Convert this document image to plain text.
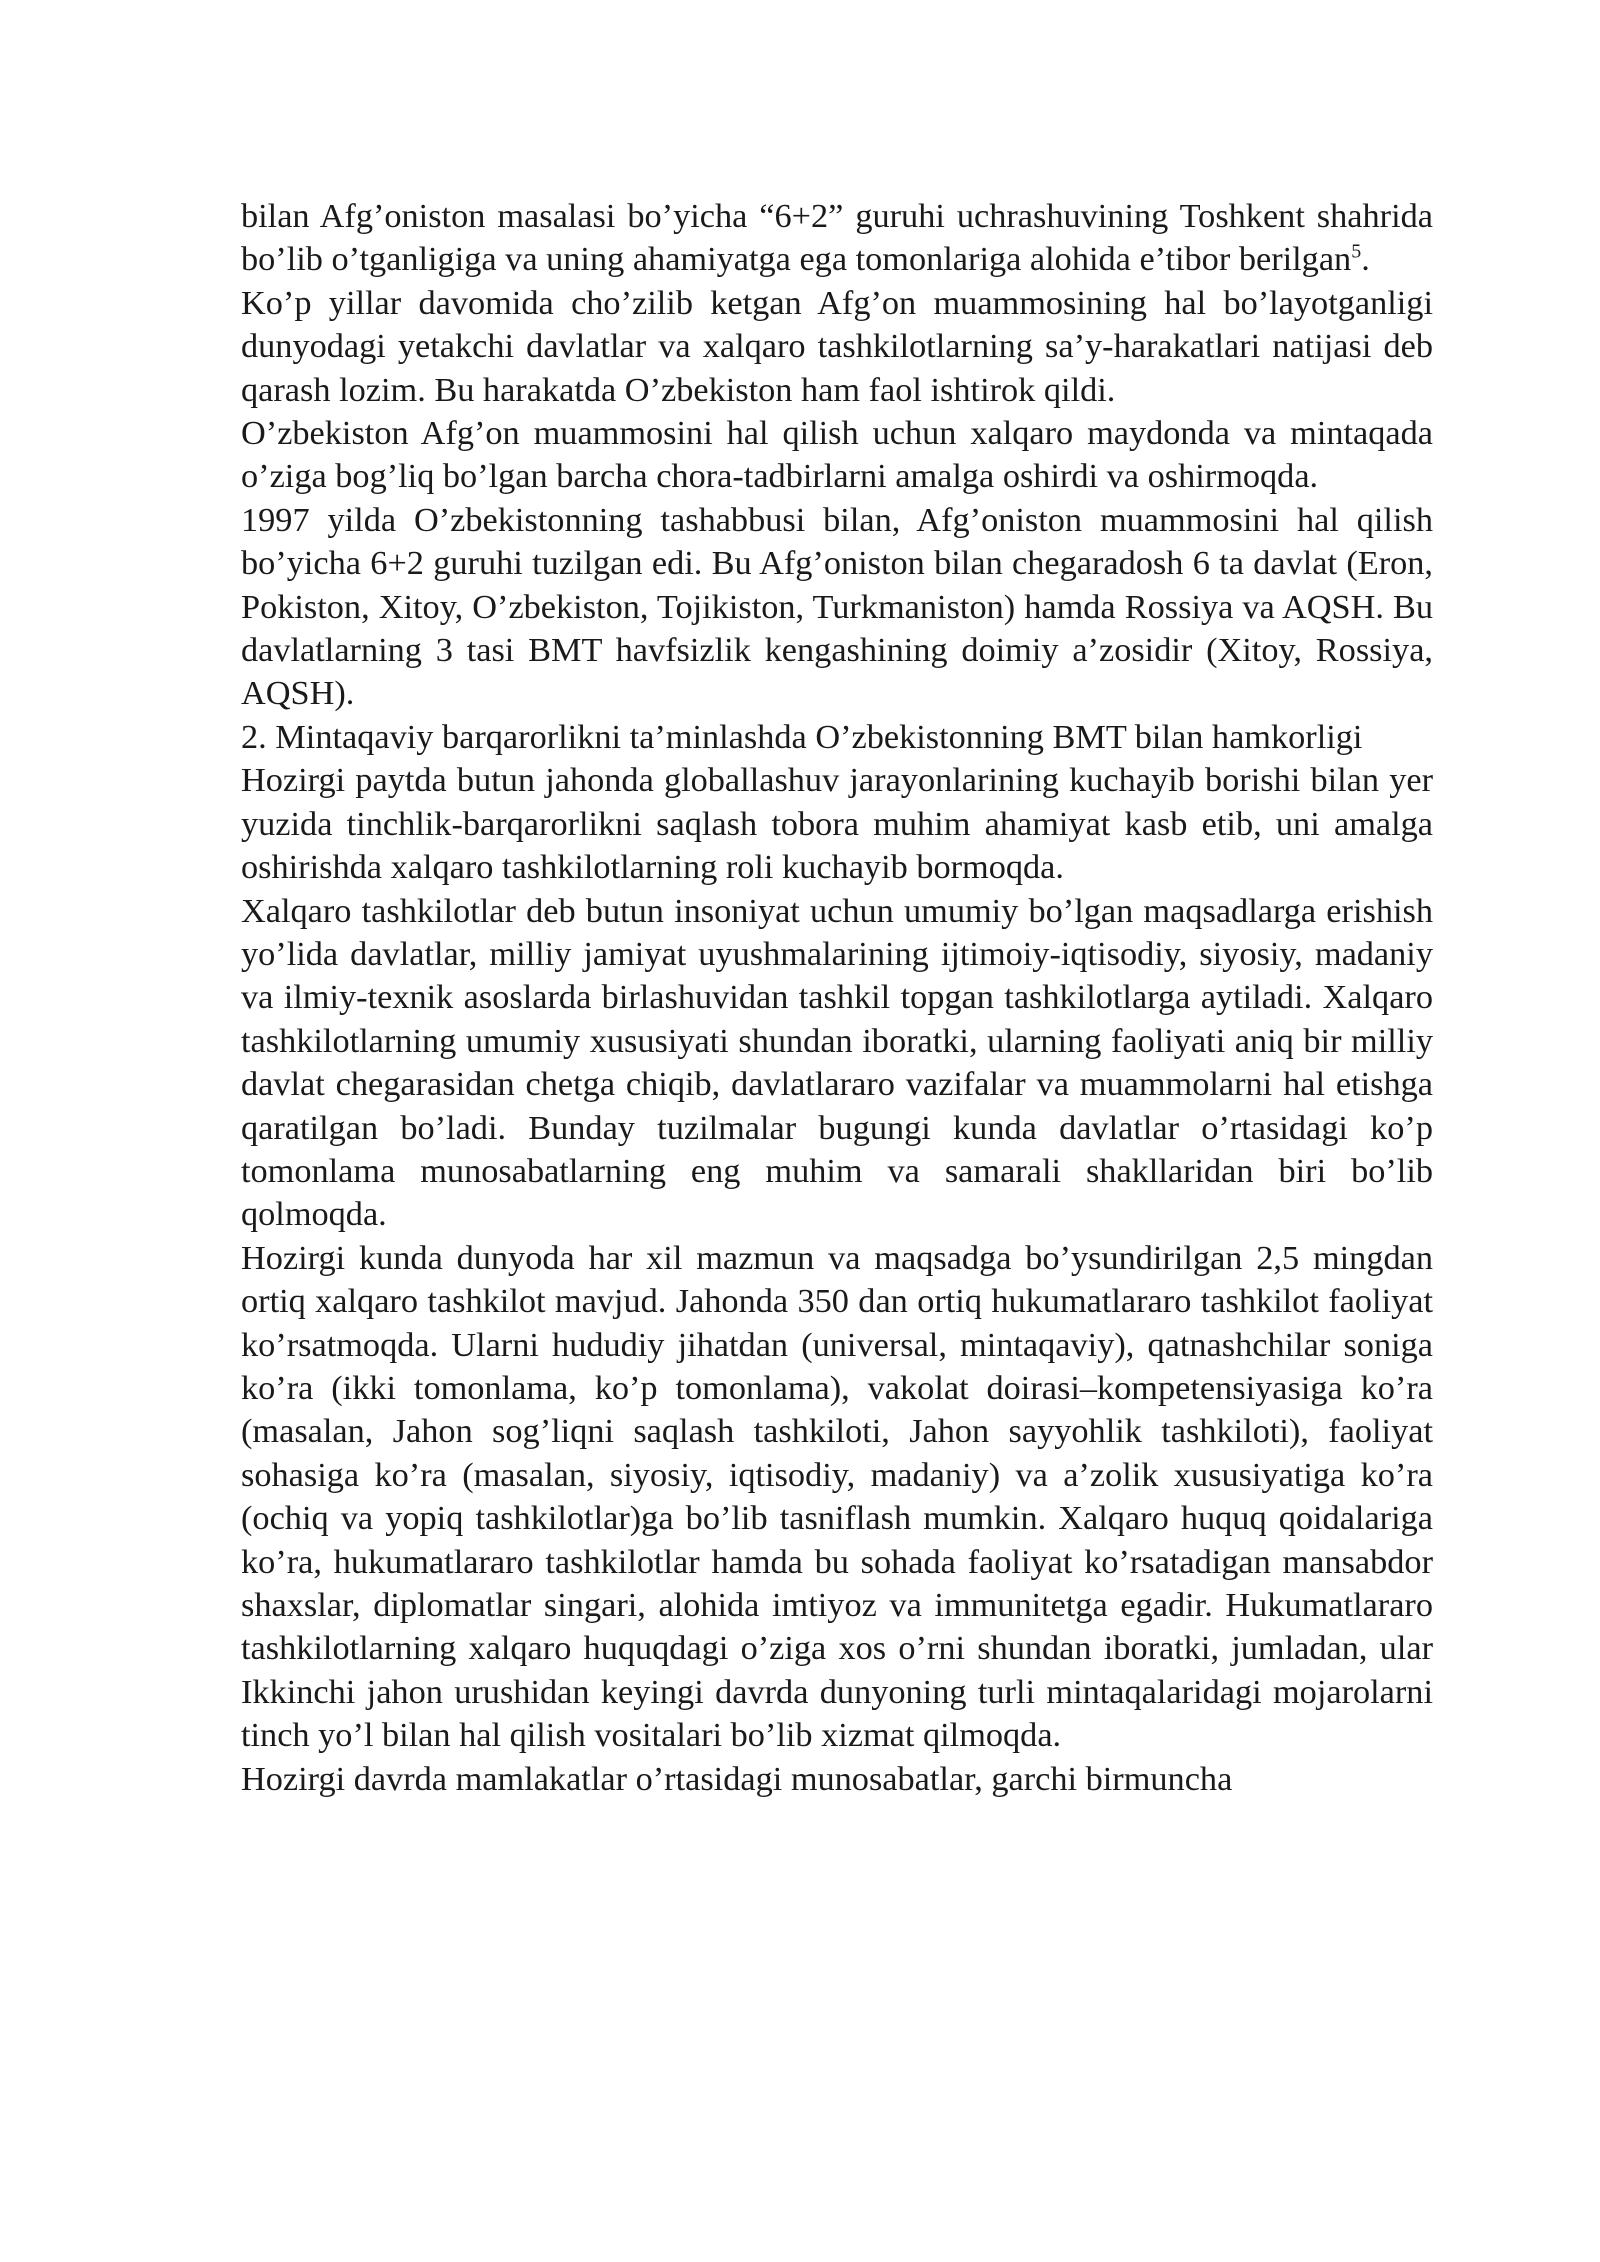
bilan Afg’oniston masalasi bo’yicha “6+2” guruhi uchrashuvining Toshkent shahrida bo’lib o’tganligiga va uning ahamiyatga ega tomonlariga alohida e’tibor berilgan$^5$.

Ko’p yillar davomida cho’zilib ketgan Afg’on muammosining hal bo’layotganligi dunyodagi yetakchi davlatlar va xalqaro tashkilotlarning sa’y-harakatlari natijasi deb qarash lozim. Bu harakatda O’zbekiston ham faol ishtirok qildi.

O’zbekiston Afg’on muammosini hal qilish uchun xalqaro maydonda va mintaqada o’ziga bog’liq bo’lgan barcha chora-tadbirlarni amalga oshirdi va oshirmoqda.

1997 yilda O’zbekistonning tashabbusi bilan, Afg’oniston muammosini hal qilish bo’yicha 6+2 guruhi tuzilgan edi. Bu Afg’oniston bilan chegaradosh 6 ta davlat (Eron, Pokiston, Xitoy, O’zbekiston, Tojikiston, Turkmaniston) hamda Rossiya va AQSH. Bu davlatlarning 3 tasi BMT havfsizlik kengashining doimiy a’zosidir (Xitoy, Rossiya, AQSH).

2. Mintaqaviy barqarorlikni ta’minlashda O’zbekistonning BMT bilan hamkorligi

Hozirgi paytda butun jahonda globallashuv jarayonlarining kuchayib borishi bilan yer yuzida tinchlik-barqarorlikni saqlash tobora muhim ahamiyat kasb etib, uni amalga oshirishda xalqaro tashkilotlarning roli kuchayib bormoqda.

Xalqaro tashkilotlar deb butun insoniyat uchun umumiy bo’lgan maqsadlarga erishish yo’lida davlatlar, milliy jamiyat uyushmalarining ijtimoiy-iqtisodiy, siyosiy, madaniy va ilmiy-texnik asoslarda birlashuvidan tashkil topgan tashkilotlarga aytiladi. Xalqaro tashkilotlarning umumiy xususiyati shundan iboratki, ularning faoliyati aniq bir milliy davlat chegarasidan chetga chiqib, davlatlararo vazifalar va muammolarni hal etishga qaratilgan bo’ladi. Bunday tuzilmalar bugungi kunda davlatlar o’rtasidagi ko’p tomonlama munosabatlarning eng muhim va samarali shakllaridan biri bo’lib qolmoqda.

Hozirgi kunda dunyoda har xil mazmun va maqsadga bo’ysundirilgan 2,5 mingdan ortiq xalqaro tashkilot mavjud. Jahonda 350 dan ortiq hukumatlararo tashkilot faoliyat ko’rsatmoqda. Ularni hududiy jihatdan (universal, mintaqaviy), qatnashchilar soniga ko’ra (ikki tomonlama, ko’p tomonlama), vakolat doirasi–kompetensiyasiga ko’ra (masalan, Jahon sog’liqni saqlash tashkiloti, Jahon sayyohlik tashkiloti), faoliyat sohasiga ko’ra (masalan, siyosiy, iqtisodiy, madaniy) va a’zolik xususiyatiga ko’ra (ochiq va yopiq tashkilotlar)ga bo’lib tasniflash mumkin. Xalqaro huquq qoidalariga ko’ra, hukumatlararo tashkilotlar hamda bu sohada faoliyat ko’rsatadigan mansabdor shaxslar, diplomatlar singari, alohida imtiyoz va immunitetga egadir. Hukumatlararo tashkilotlarning xalqaro huquqdagi o’ziga xos o’rni shundan iboratki, jumladan, ular Ikkinchi jahon urushidan keyingi davrda dunyoning turli mintaqalaridagi mojarolarni tinch yo’l bilan hal qilish vositalari bo’lib xizmat qilmoqda.

Hozirgi davrda mamlakatlar o’rtasidagi munosabatlar, garchi birmuncha
